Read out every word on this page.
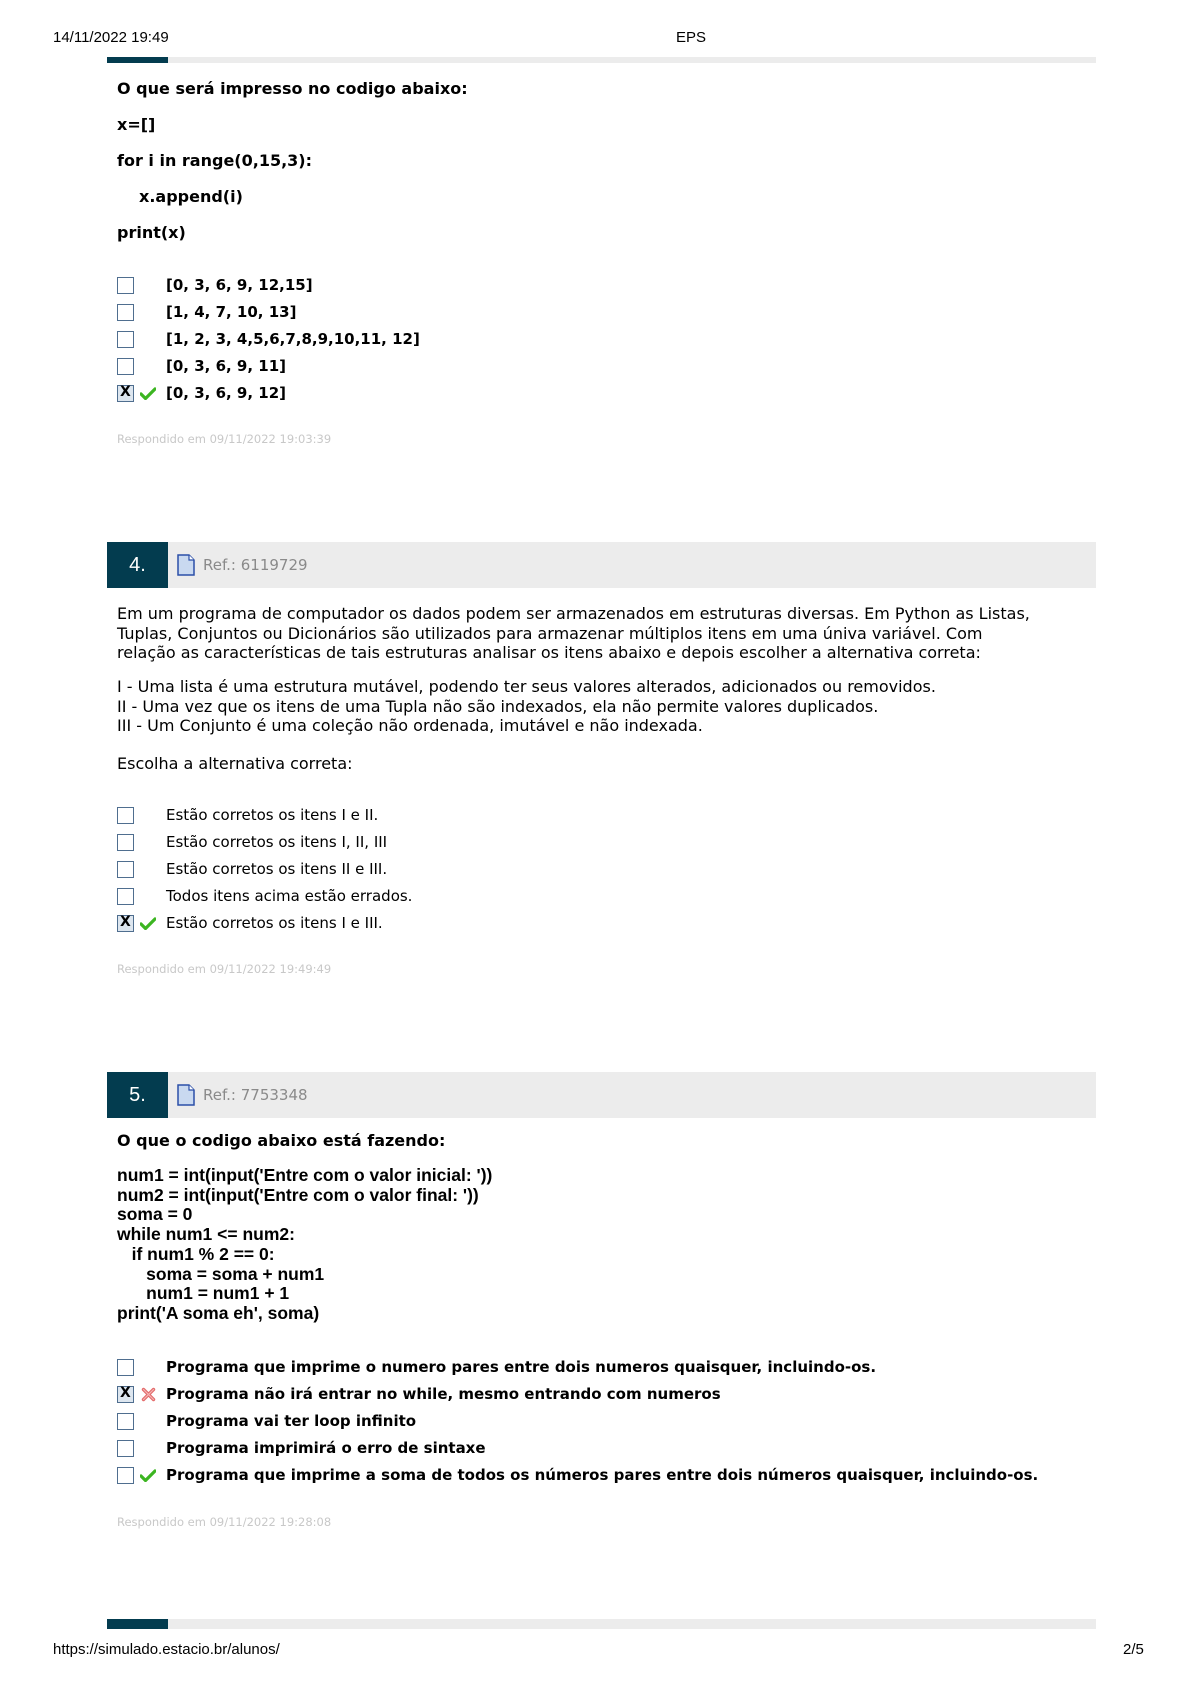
14/11/2022 19:49	EPS
O que será impresso no codigo abaixo:
x=[]
for i in range(0,15,3):
x.append(i)
print(x)
[0, 3, 6, 9, 12,15]
[1, 4, 7, 10, 13]
[1, 2, 3, 4,5,6,7,8,9,10,11, 12]
[0, 3, 6, 9, 11]
X
[0, 3, 6, 9, 12]
Respondido em 09/11/2022 19:03:39
4.	Ref.: 6119729
Em um programa de computador os dados podem ser armazenados em estruturas diversas. Em Python as Listas,
Tuplas, Conjuntos ou Dicionários são utilizados para armazenar múltiplos itens em uma úniva variável. Com
relação as características de tais estruturas analisar os itens abaixo e depois escolher a alternativa correta:
I - Uma lista é uma estrutura mutável, podendo ter seus valores alterados, adicionados ou removidos.
II - Uma vez que os itens de uma Tupla não são indexados, ela não permite valores duplicados.
III - Um Conjunto é uma coleção não ordenada, imutável e não indexada.
Escolha a alternativa correta:
Estão corretos os itens I e II.
Estão corretos os itens I, II, III
Estão corretos os itens II e III.
Todos itens acima estão errados.
X
Estão corretos os itens I e III.
Respondido em 09/11/2022 19:49:49
5.	Ref.: 7753348
O que o codigo abaixo está fazendo:
num1 = int(input('Entre com o valor inicial: '))
num2 = int(input('Entre com o valor final: '))
soma = 0
while num1 <= num2:
if num1 % 2 == 0:
soma = soma + num1
num1 = num1 + 1
print('A soma eh', soma)
Programa que imprime o numero pares entre dois numeros quaisquer, incluindo-os.
X
Programa não irá entrar no while, mesmo entrando com numeros
Programa vai ter loop infinito
Programa imprimirá o erro de sintaxe
Programa que imprime a soma de todos os números pares entre dois números quaisquer, incluindo-os.
Respondido em 09/11/2022 19:28:08
https://simulado.estacio.br/alunos/	2/5
